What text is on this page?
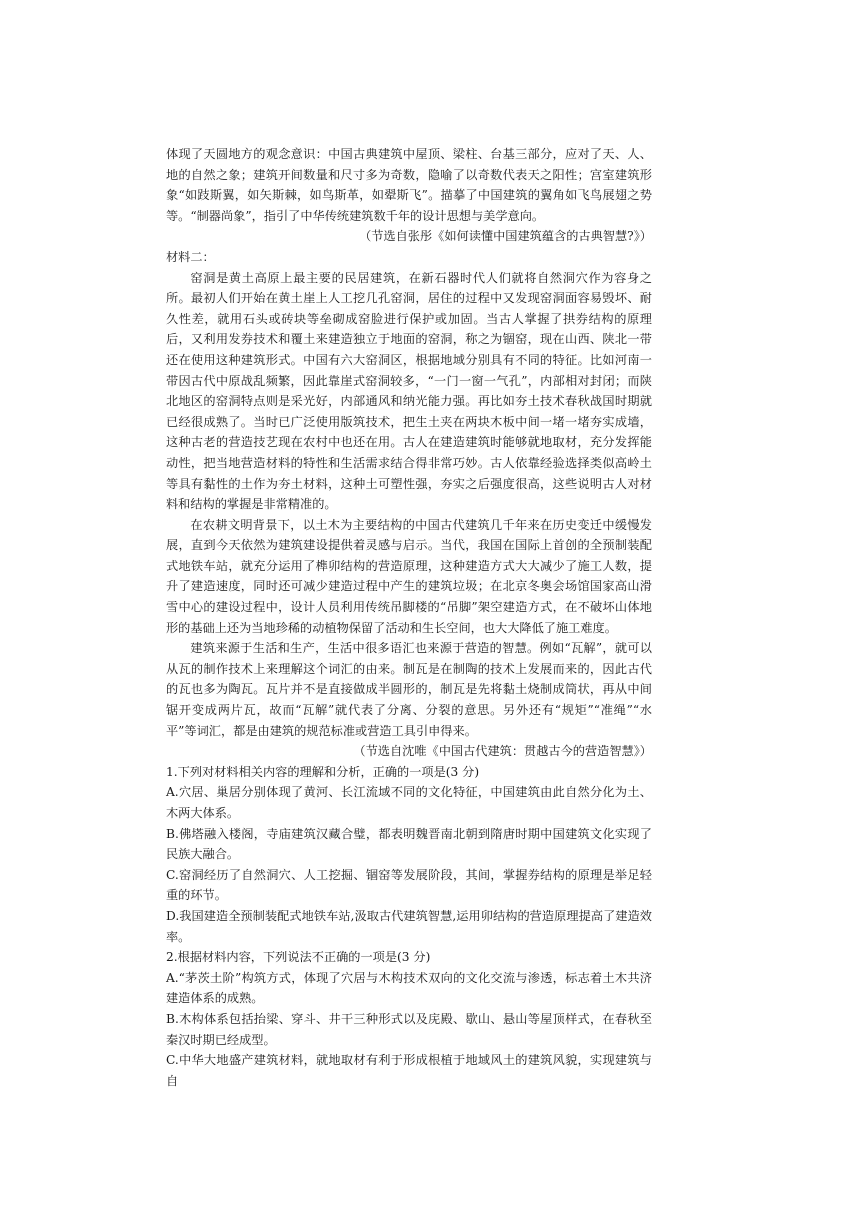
体现了天圆地方的观念意识：中国古典建筑中屋顶、梁柱、台基三部分，应对了天、人、地的自然之象；建筑开间数量和尺寸多为奇数，隐喻了以奇数代表天之阳性；宫室建筑形象“如跂斯翼，如矢斯棘，如鸟斯革，如翚斯飞”。描摹了中国建筑的翼角如飞鸟展翅之势等。“制器尚象”，指引了中华传统建筑数千年的设计思想与美学意向。

（节选自张彤《如何读懂中国建筑蕴含的古典智慧?》）

材料二：

窑洞是黄土高原上最主要的民居建筑，在新石器时代人们就将自然洞穴作为容身之所。最初人们开始在黄土崖上人工挖几孔窑洞，居住的过程中又发现窑洞面容易毁坏、耐久性差，就用石头或砖块等垒砌成窑脸进行保护或加固。当古人掌握了拱券结构的原理后，又利用发券技术和覆土来建造独立于地面的窑洞，称之为锢窑，现在山西、陕北一带还在使用这种建筑形式。中国有六大窑洞区，根据地域分别具有不同的特征。比如河南一带因古代中原战乱频繁，因此靠崖式窑洞较多，“一门一窗一气孔”，内部相对封闭；而陕北地区的窑洞特点则是采光好，内部通风和纳光能力强。再比如夯土技术春秋战国时期就已经很成熟了。当时已广泛使用版筑技术，把生土夹在两块木板中间一堵一堵夯实成墙，这种古老的营造技艺现在农村中也还在用。古人在建造建筑时能够就地取材，充分发挥能动性，把当地营造材料的特性和生活需求结合得非常巧妙。古人依靠经验选择类似高岭土等具有黏性的土作为夯土材料，这种土可塑性强，夯实之后强度很高，这些说明古人对材料和结构的掌握是非常精准的。

在农耕文明背景下，以土木为主要结构的中国古代建筑几千年来在历史变迁中缓慢发展，直到今天依然为建筑建设提供着灵感与启示。当代，我国在国际上首创的全预制装配式地铁车站，就充分运用了榫卯结构的营造原理，这种建造方式大大减少了施工人数，提升了建造速度，同时还可减少建造过程中产生的建筑垃圾；在北京冬奥会场馆国家高山滑雪中心的建设过程中，设计人员利用传统吊脚楼的“吊脚”架空建造方式，在不破坏山体地形的基础上还为当地珍稀的动植物保留了活动和生长空间，也大大降低了施工难度。

建筑来源于生活和生产，生活中很多语汇也来源于营造的智慧。例如“瓦解”，就可以从瓦的制作技术上来理解这个词汇的由来。制瓦是在制陶的技术上发展而来的，因此古代的瓦也多为陶瓦。瓦片并不是直接做成半圆形的，制瓦是先将黏土烧制成筒状，再从中间锯开变成两片瓦，故而“瓦解”就代表了分离、分裂的意思。另外还有“规矩”“准绳”“水平”等词汇，都是由建筑的规范标准或营造工具引申得来。

（节选自沈唯《中国古代建筑：贯越古今的营造智慧》）

1.下列对材料相关内容的理解和分析，正确的一项是(3 分)

A.穴居、巢居分别体现了黄河、长江流域不同的文化特征，中国建筑由此自然分化为土、木两大体系。

B.佛塔融入楼阁，寺庙建筑汉藏合璧，都表明魏晋南北朝到隋唐时期中国建筑文化实现了民族大融合。

C.窑洞经历了自然洞穴、人工挖掘、锢窑等发展阶段，其间，掌握券结构的原理是举足轻重的环节。

D.我国建造全预制装配式地铁车站,汲取古代建筑智慧,运用卯结构的营造原理提高了建造效率。

2.根据材料内容，下列说法不正确的一项是(3 分)

A.“茅茨土阶”构筑方式，体现了穴居与木构技术双向的文化交流与渗透，标志着土木共济建造体系的成熟。

B.木构体系包括抬梁、穿斗、井干三种形式以及庑殿、歇山、悬山等屋顶样式，在春秋至秦汉时期已经成型。

C.中华大地盛产建筑材料，就地取材有利于形成根植于地域风土的建筑风貌，实现建筑与自
